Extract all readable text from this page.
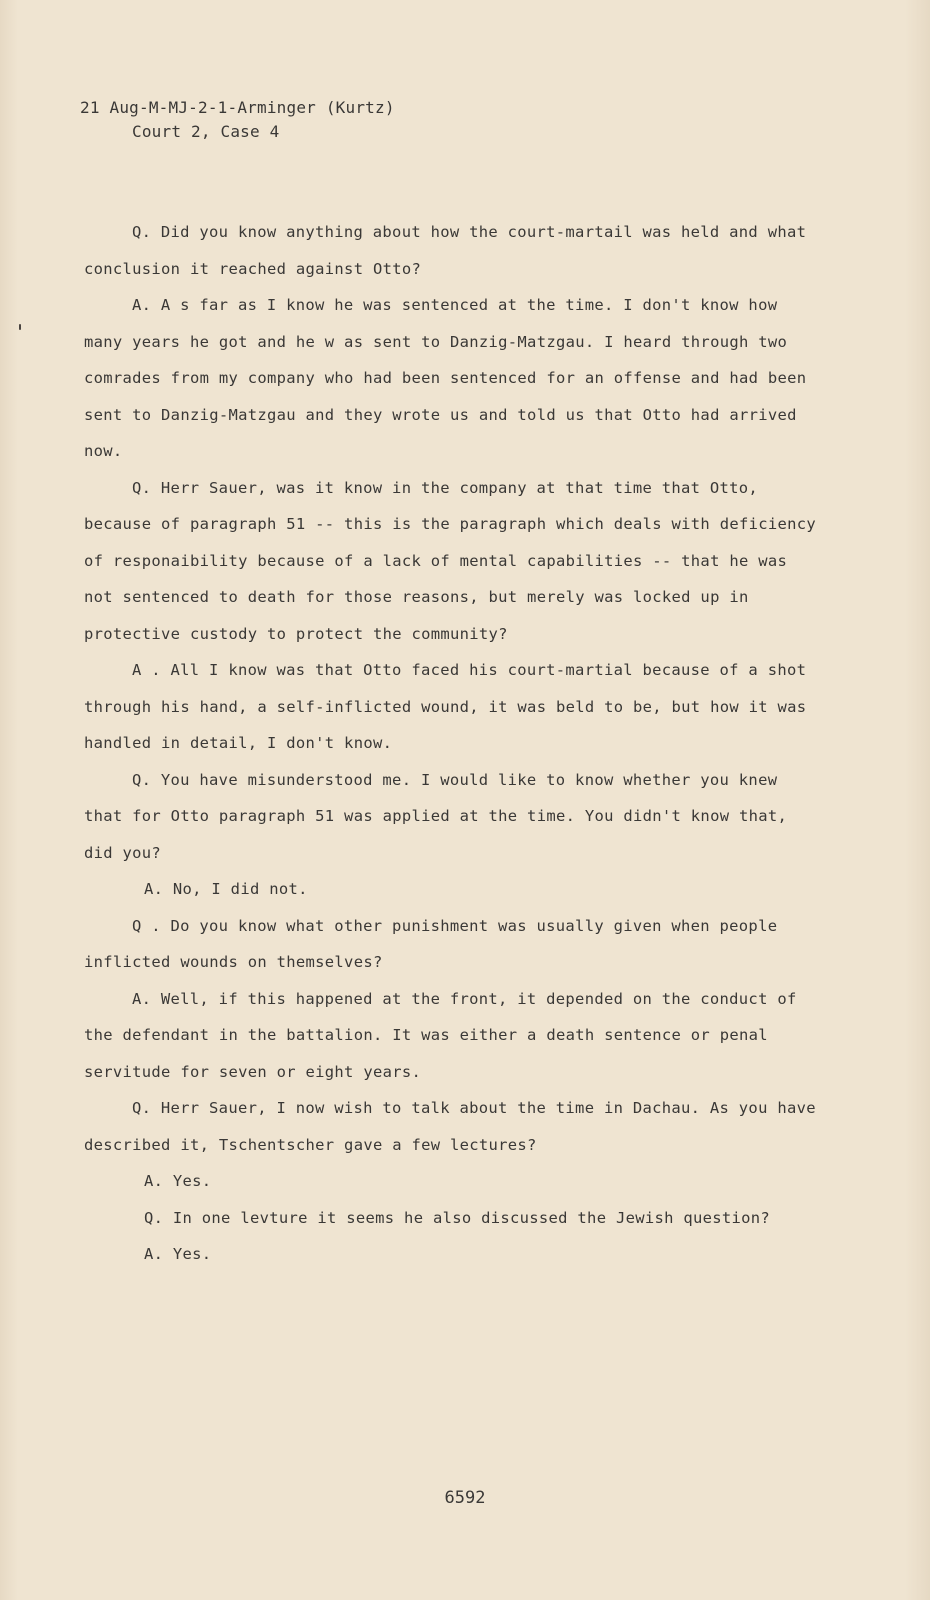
21 Aug-M-MJ-2-1-Arminger (Kurtz)
Court 2, Case 4

Q. Did you know anything about how the court-martail was held and what conclusion it reached against Otto?

A. A s far as I know he was sentenced at the time. I don't know how many years he got and he w as sent to Danzig-Matzgau. I heard through two comrades from my company who had been sentenced for an offense and had been sent to Danzig-Matzgau and they wrote us and told us that Otto had arrived now.

Q. Herr Sauer, was it know in the company at that time that Otto, because of paragraph 51 -- this is the paragraph which deals with deficiency of responaibility because of a lack of mental capabilities -- that he was not sentenced to death for those reasons, but merely was locked up in protective custody to protect the community?

A . All I know was that Otto faced his court-martial because of a shot through his hand, a self-inflicted wound, it was beld to be, but how it was handled in detail, I don't know.

Q. You have misunderstood me. I would like to know whether you knew that for Otto paragraph 51 was applied at the time. You didn't know that, did you?

A. No, I did not.

Q . Do you know what other punishment was usually given when people inflicted wounds on themselves?

A. Well, if this happened at the front, it depended on the conduct of the defendant in the battalion. It was either a death sentence or penal servitude for seven or eight years.

Q. Herr Sauer, I now wish to talk about the time in Dachau. As you have described it, Tschentscher gave a few lectures?

A. Yes.

Q. In one levture it seems he also discussed the Jewish question?

A. Yes.

6592
